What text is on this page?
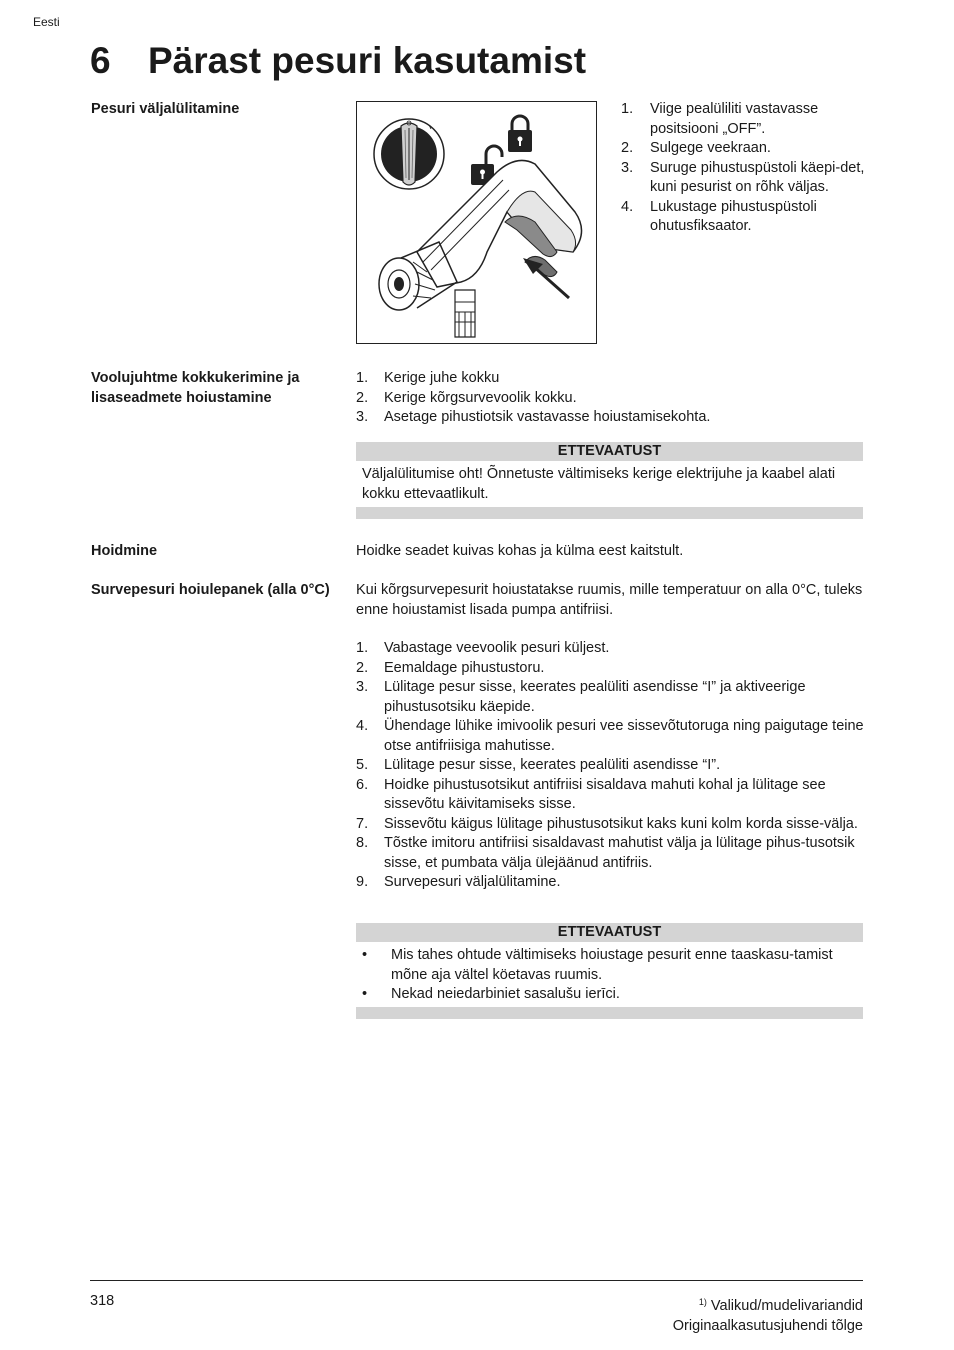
Eesti
6 Pärast pesuri kasutamist
Pesuri väljalülitamine	1.	Viige pealüliliti vastavasse positsiooni „OFF”.
2.	Sulgege veekraan.
3.	Suruge pihustuspüstoli käepi-det, kuni pesurist on rõhk väljas.
4.	Lukustage pihustuspüstoli ohutusfiksaator.
Voolujuhtme kokkukerimine ja lisaseadmete hoiustamine
1.	Kerige juhe kokku
2.	Kerige kõrgsurvevoolik kokku.
3.	Asetage pihustiotsik vastavasse hoiustamisekohta.
ETTEVAATUST
Väljalülitumise oht! Õnnetuste vältimiseks kerige elektrijuhe ja kaabel alati kokku ettevaatlikult.
Hoidmine	Hoidke seadet kuivas kohas ja külma eest kaitstult.
Survepesuri hoiulepanek (alla 0°C)	Kui kõrgsurvepesurit hoiustatakse ruumis, mille temperatuur on alla 0°C, tuleks enne hoiustamist lisada pumpa antifriisi.
1.	Vabastage veevoolik pesuri küljest.
2.	Eemaldage pihustustoru.
3.	Lülitage pesur sisse, keerates pealüliti asendisse “I” ja aktiveerige pihustusotsiku käepide.
4.	Ühendage lühike imivoolik pesuri vee sissevõtutoruga ning paigutage teine otse antifriisiga mahutisse.
5.	Lülitage pesur sisse, keerates pealüliti asendisse “I”.
6.	Hoidke pihustusotsikut antifriisi sisaldava mahuti kohal ja lülitage see sissevõtu käivitamiseks sisse.
7.	Sissevõtu käigus lülitage pihustusotsikut kaks kuni kolm korda sisse-välja.
8.	Tõstke imitoru antifriisi sisaldavast mahutist välja ja lülitage pihus-tusotsik sisse, et pumbata välja ülejäänud antifriis.
9.	Survepesuri väljalülitamine.
ETTEVAATUST
•	Mis tahes ohtude vältimiseks hoiustage pesurit enne taaskasu-tamist mõne aja vältel köetavas ruumis.
•	Nekad neiedarbiniet sasalušu ierīci.
318	$^{1)}$ Valikud/mudelivariandid
Originaalkasutusjuhendi tõlge
